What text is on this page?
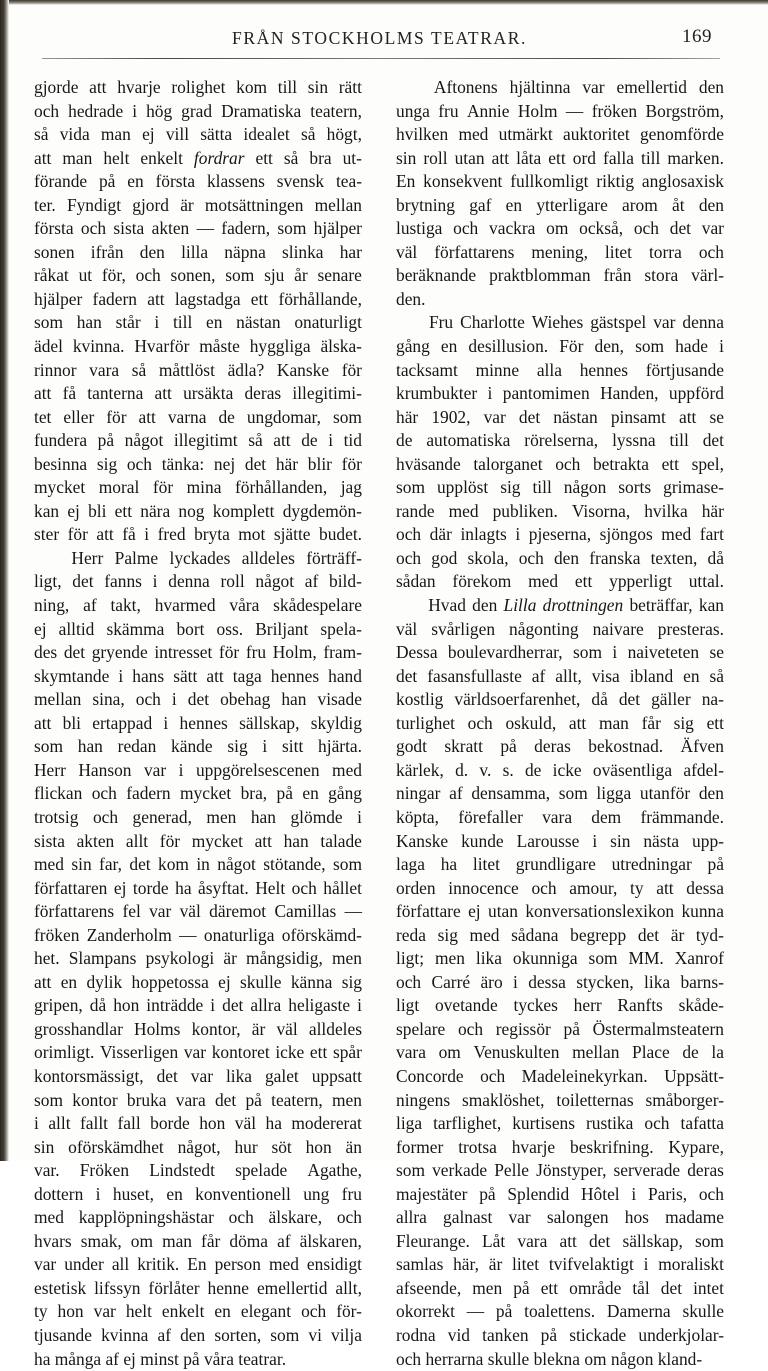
FRÅN STOCKHOLMS TEATRAR.	169
gjorde att hvarje rolighet kom till sin rätt
och hedrade i hög grad Dramatiska teatern,
så vida man ej vill sätta idealet så högt,
att man helt enkelt fordrar ett så bra ut-
förande på en första klassens svensk tea-
ter. Fyndigt gjord är motsättningen mellan
första och sista akten — fadern, som hjälper
sonen ifrån den lilla näpna slinka har
råkat ut för, och sonen, som sju år senare
hjälper fadern att lagstadga ett förhållande,
som han står i till en nästan onaturligt
ädel kvinna. Hvarför måste hyggliga älska-
rinnor vara så måttlöst ädla? Kanske för
att få tanterna att ursäkta deras illegitimi-
tet eller för att varna de ungdomar, som
fundera på något illegitimt så att de i tid
besinna sig och tänka: nej det här blir för
mycket moral för mina förhållanden, jag
kan ej bli ett nära nog komplett dygdemön-
ster för att få i fred bryta mot sjätte budet.
Herr Palme lyckades alldeles förträff-
ligt, det fanns i denna roll något af bild-
ning, af takt, hvarmed våra skådespelare
ej alltid skämma bort oss. Briljant spela-
des det gryende intresset för fru Holm, fram-
skymtande i hans sätt att taga hennes hand
mellan sina, och i det obehag han visade
att bli ertappad i hennes sällskap, skyldig
som han redan kände sig i sitt hjärta.
Herr Hanson var i uppgörelsescenen med
flickan och fadern mycket bra, på en gång
trotsig och generad, men han glömde i
sista akten allt för mycket att han talade
med sin far, det kom in något stötande, som
författaren ej torde ha åsyftat. Helt och hållet
författarens fel var väl däremot Camillas —
fröken Zanderholm — onaturliga oförskämd-
het. Slampans psykologi är mångsidig, men
att en dylik hoppetossa ej skulle känna sig
gripen, då hon inträdde i det allra heligaste i
grosshandlar Holms kontor, är väl alldeles
orimligt. Visserligen var kontoret icke ett spår
kontorsmässigt, det var lika galet uppsatt
som kontor bruka vara det på teatern, men
i allt fallt fall borde hon väl ha modererat
sin oförskämdhet något, hur söt hon än
var. Fröken Lindstedt spelade Agathe,
dottern i huset, en konventionell ung fru
med kapplöpningshästar och älskare, och
hvars smak, om man får döma af älskaren,
var under all kritik. En person med ensidigt
estetisk lifssyn förlåter henne emellertid allt,
ty hon var helt enkelt en elegant och för-
tjusande kvinna af den sorten, som vi vilja
ha många af ej minst på våra teatrar.
Aftonens hjältinna var emellertid den
unga fru Annie Holm — fröken Borgström,
hvilken med utmärkt auktoritet genomförde
sin roll utan att låta ett ord falla till marken.
En konsekvent fullkomligt riktig anglosaxisk
brytning gaf en ytterligare arom åt den
lustiga och vackra om också, och det var
väl författarens mening, litet torra och
beräknande praktblomman från stora värl-
den.
Fru Charlotte Wiehes gästspel var denna
gång en desillusion. För den, som hade i
tacksamt minne alla hennes förtjusande
krumbukter i pantomimen Handen, uppförd
här 1902, var det nästan pinsamt att se
de automatiska rörelserna, lyssna till det
hväsande talorganet och betrakta ett spel,
som upplöst sig till någon sorts grimase-
rande med publiken. Visorna, hvilka här
och där inlagts i pjeserna, sjöngos med fart
och god skola, och den franska texten, då
sådan förekom med ett ypperligt uttal.
Hvad den Lilla drottningen beträffar, kan
väl svårligen någonting naivare presteras.
Dessa boulevardherrar, som i naiveteten se
det fasansfullaste af allt, visa ibland en så
kostlig världsoerfarenhet, då det gäller na-
turlighet och oskuld, att man får sig ett
godt skratt på deras bekostnad. Äfven
kärlek, d. v. s. de icke oväsentliga afdel-
ningar af densamma, som ligga utanför den
köpta, förefaller vara dem främmande.
Kanske kunde Larousse i sin nästa upp-
laga ha litet grundligare utredningar på
orden innocence och amour, ty att dessa
författare ej utan konversationslexikon kunna
reda sig med sådana begrepp det är tyd-
ligt; men lika okunniga som MM. Xanrof
och Carré äro i dessa stycken, lika barns-
ligt ovetande tyckes herr Ranfts skåde-
spelare och regissör på Östermalmsteatern
vara om Venuskulten mellan Place de la
Concorde och Madeleinekyrkan. Uppsätt-
ningens smaklöshet, toiletternas småborger-
liga tarflighet, kurtisens rustika och tafatta
former trotsa hvarje beskrifning. Kypare,
som verkade Pelle Jönstyper, serverade deras
majestäter på Splendid Hôtel i Paris, och
allra galnast var salongen hos madame
Fleurange. Låt vara att det sällskap, som
samlas här, är litet tvifvelaktigt i moraliskt
afseende, men på ett område tål det intet
okorrekt — på toalettens. Damerna skulle
rodna vid tanken på stickade underkjolar-
och herrarna skulle blekna om någon kland-
